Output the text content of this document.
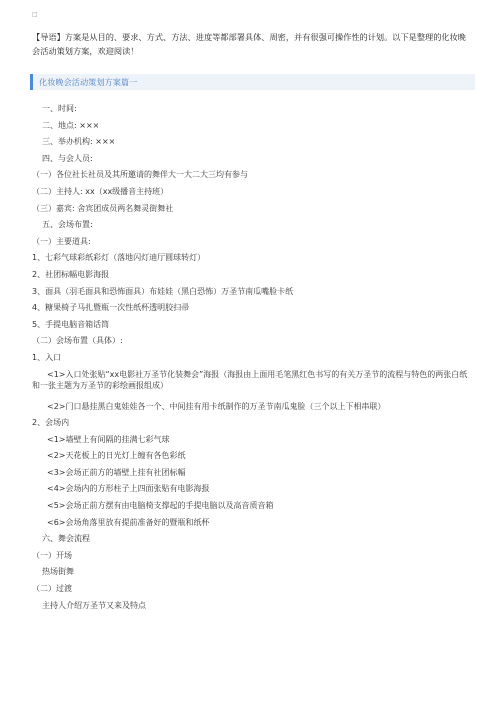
□
【导语】方案是从目的、要求、方式、方法、进度等都部署具体、周密，并有很强可操作性的计划。以下是整理的化妆晚会活动策划方案，欢迎阅读！
化妆晚会活动策划方案篇一

一、时间:

二、地点: ×××

三、举办机构: ×××

四、与会人员:

（一）各位社长社员及其所邀请的舞伴大一大二大三均有参与

（二）主持人: xx（xx级播音主持班）

（三）嘉宾: 舍宾团成员两名舞灵街舞社

五、会场布置:

（一）主要道具:

1、七彩气球彩纸彩灯（落地闪灯迪厅圆球转灯）

2、社团标幅电影海报

3、面具（羽毛面具和恐怖面具）布娃娃（黑白恐怖）万圣节南瓜嘴脸卡纸

4、糖果椅子马扎暨瓶一次性纸杯透明胶扫帚

5、手提电脑音箱话筒

（二）会场布置（具体）:

1、入口

<1>入口处张贴“xx电影社万圣节化装舞会”海报（海报由上面用毛笔黑红色书写的有关万圣节的流程与特色的两张白纸和一张主题为万圣节的彩绘画报组成）

<2>门口悬挂黑白鬼娃娃各一个、中间挂有用卡纸制作的万圣节南瓜鬼脸（三个以上下相串联）

2、会场内

<1>墙壁上有间隔的挂满七彩气球

<2>天花板上的日光灯上缠有各色彩纸

<3>会场正前方的墙壁上挂有社团标幅

<4>会场内的方形柱子上四面张贴有电影海报

<5>会场正前方摆有由电脑椅支撑起的手提电脑以及高音质音箱

<6>会场角落里放有提前准备好的暨瓶和纸杯

六、舞会流程

（一）开场

热场街舞

（二）过渡

主持人介绍万圣节又来及特点
